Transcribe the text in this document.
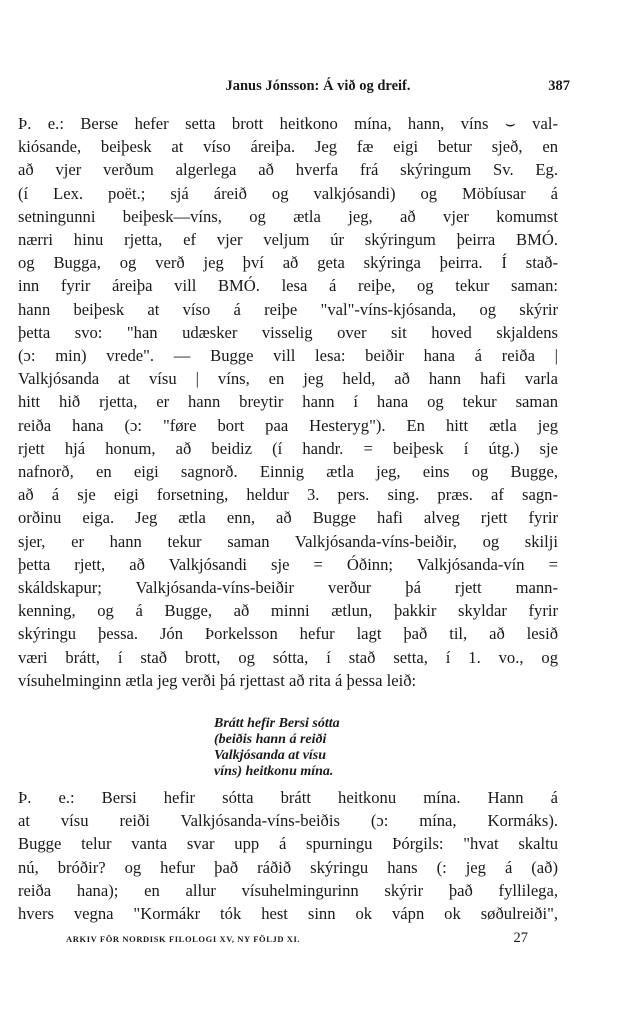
Janus Jónsson: Á við og dreif.	387

Þ. e.: Berse hefer setta brott heitkono mína, hann, víns ⌣ val-
kiósande, beiþesk at víso áreiþa. Jeg fæ eigi betur sjeð, en
að vjer verðum algerlega að hverfa frá skýringum Sv. Eg.
(í Lex. poët.; sjá áreið og valkjósandi) og Möbíusar á
setningunni beiþesk—víns, og ætla jeg, að vjer komumst
nærri hinu rjetta, ef vjer veljum úr skýringum þeirra BMÓ.
og Bugga, og verð jeg því að geta skýringa þeirra. Í stað-
inn fyrir áreiþa vill BMÓ. lesa á reiþe, og tekur saman:
hann beiþesk at víso á reiþe "val"-víns-kjósanda, og skýrir
þetta svo: "han udæsker visselig over sit hoved skjaldens
(ɔ: min) vrede". — Bugge vill lesa: beiðir hana á reiða |
Valkjósanda at vísu | víns, en jeg held, að hann hafi varla
hitt hið rjetta, er hann breytir hann í hana og tekur saman
reiða hana (ɔ: "føre bort paa Hesteryg"). En hitt ætla jeg
rjett hjá honum, að beidiz (í handr. = beiþesk í útg.) sje
nafnorð, en eigi sagnorð. Einnig ætla jeg, eins og Bugge,
að á sje eigi forsetning, heldur 3. pers. sing. præs. af sagn-
orðinu eiga. Jeg ætla enn, að Bugge hafi alveg rjett fyrir
sjer, er hann tekur saman Valkjósanda-víns-beiðir, og skilji
þetta rjett, að Valkjósandi sje = Óðinn; Valkjósanda-vín =
skáldskapur; Valkjósanda-víns-beiðir verður þá rjett mann-
kenning, og á Bugge, að minni ætlun, þakkir skyldar fyrir
skýringu þessa. Jón Þorkelsson hefur lagt það til, að lesið
væri brátt, í stað brott, og sótta, í stað setta, í 1. vo., og
vísuhelminginn ætla jeg verði þá rjettast að rita á þessa leið:

Brátt hefir Bersi sótta
(beiðis hann á reiði
Valkjósanda at vísu
víns) heitkonu mína.

Þ. e.: Bersi hefir sótta brátt heitkonu mína. Hann á
at vísu reiði Valkjósanda-víns-beiðis (ɔ: mína, Kormáks).
Bugge telur vanta svar upp á spurningu Þórgils: "hvat skaltu
nú, bróðir? og hefur það ráðið skýringu hans (: jeg á (að)
reiða hana); en allur vísuhelmingurinn skýrir það fyllilega,
hvers vegna "Kormákr tók hest sinn ok vápn ok søðulreiði",

ARKIV FÖR NORDISK FILOLOGI XV, NY FÖLJD XI.	27
